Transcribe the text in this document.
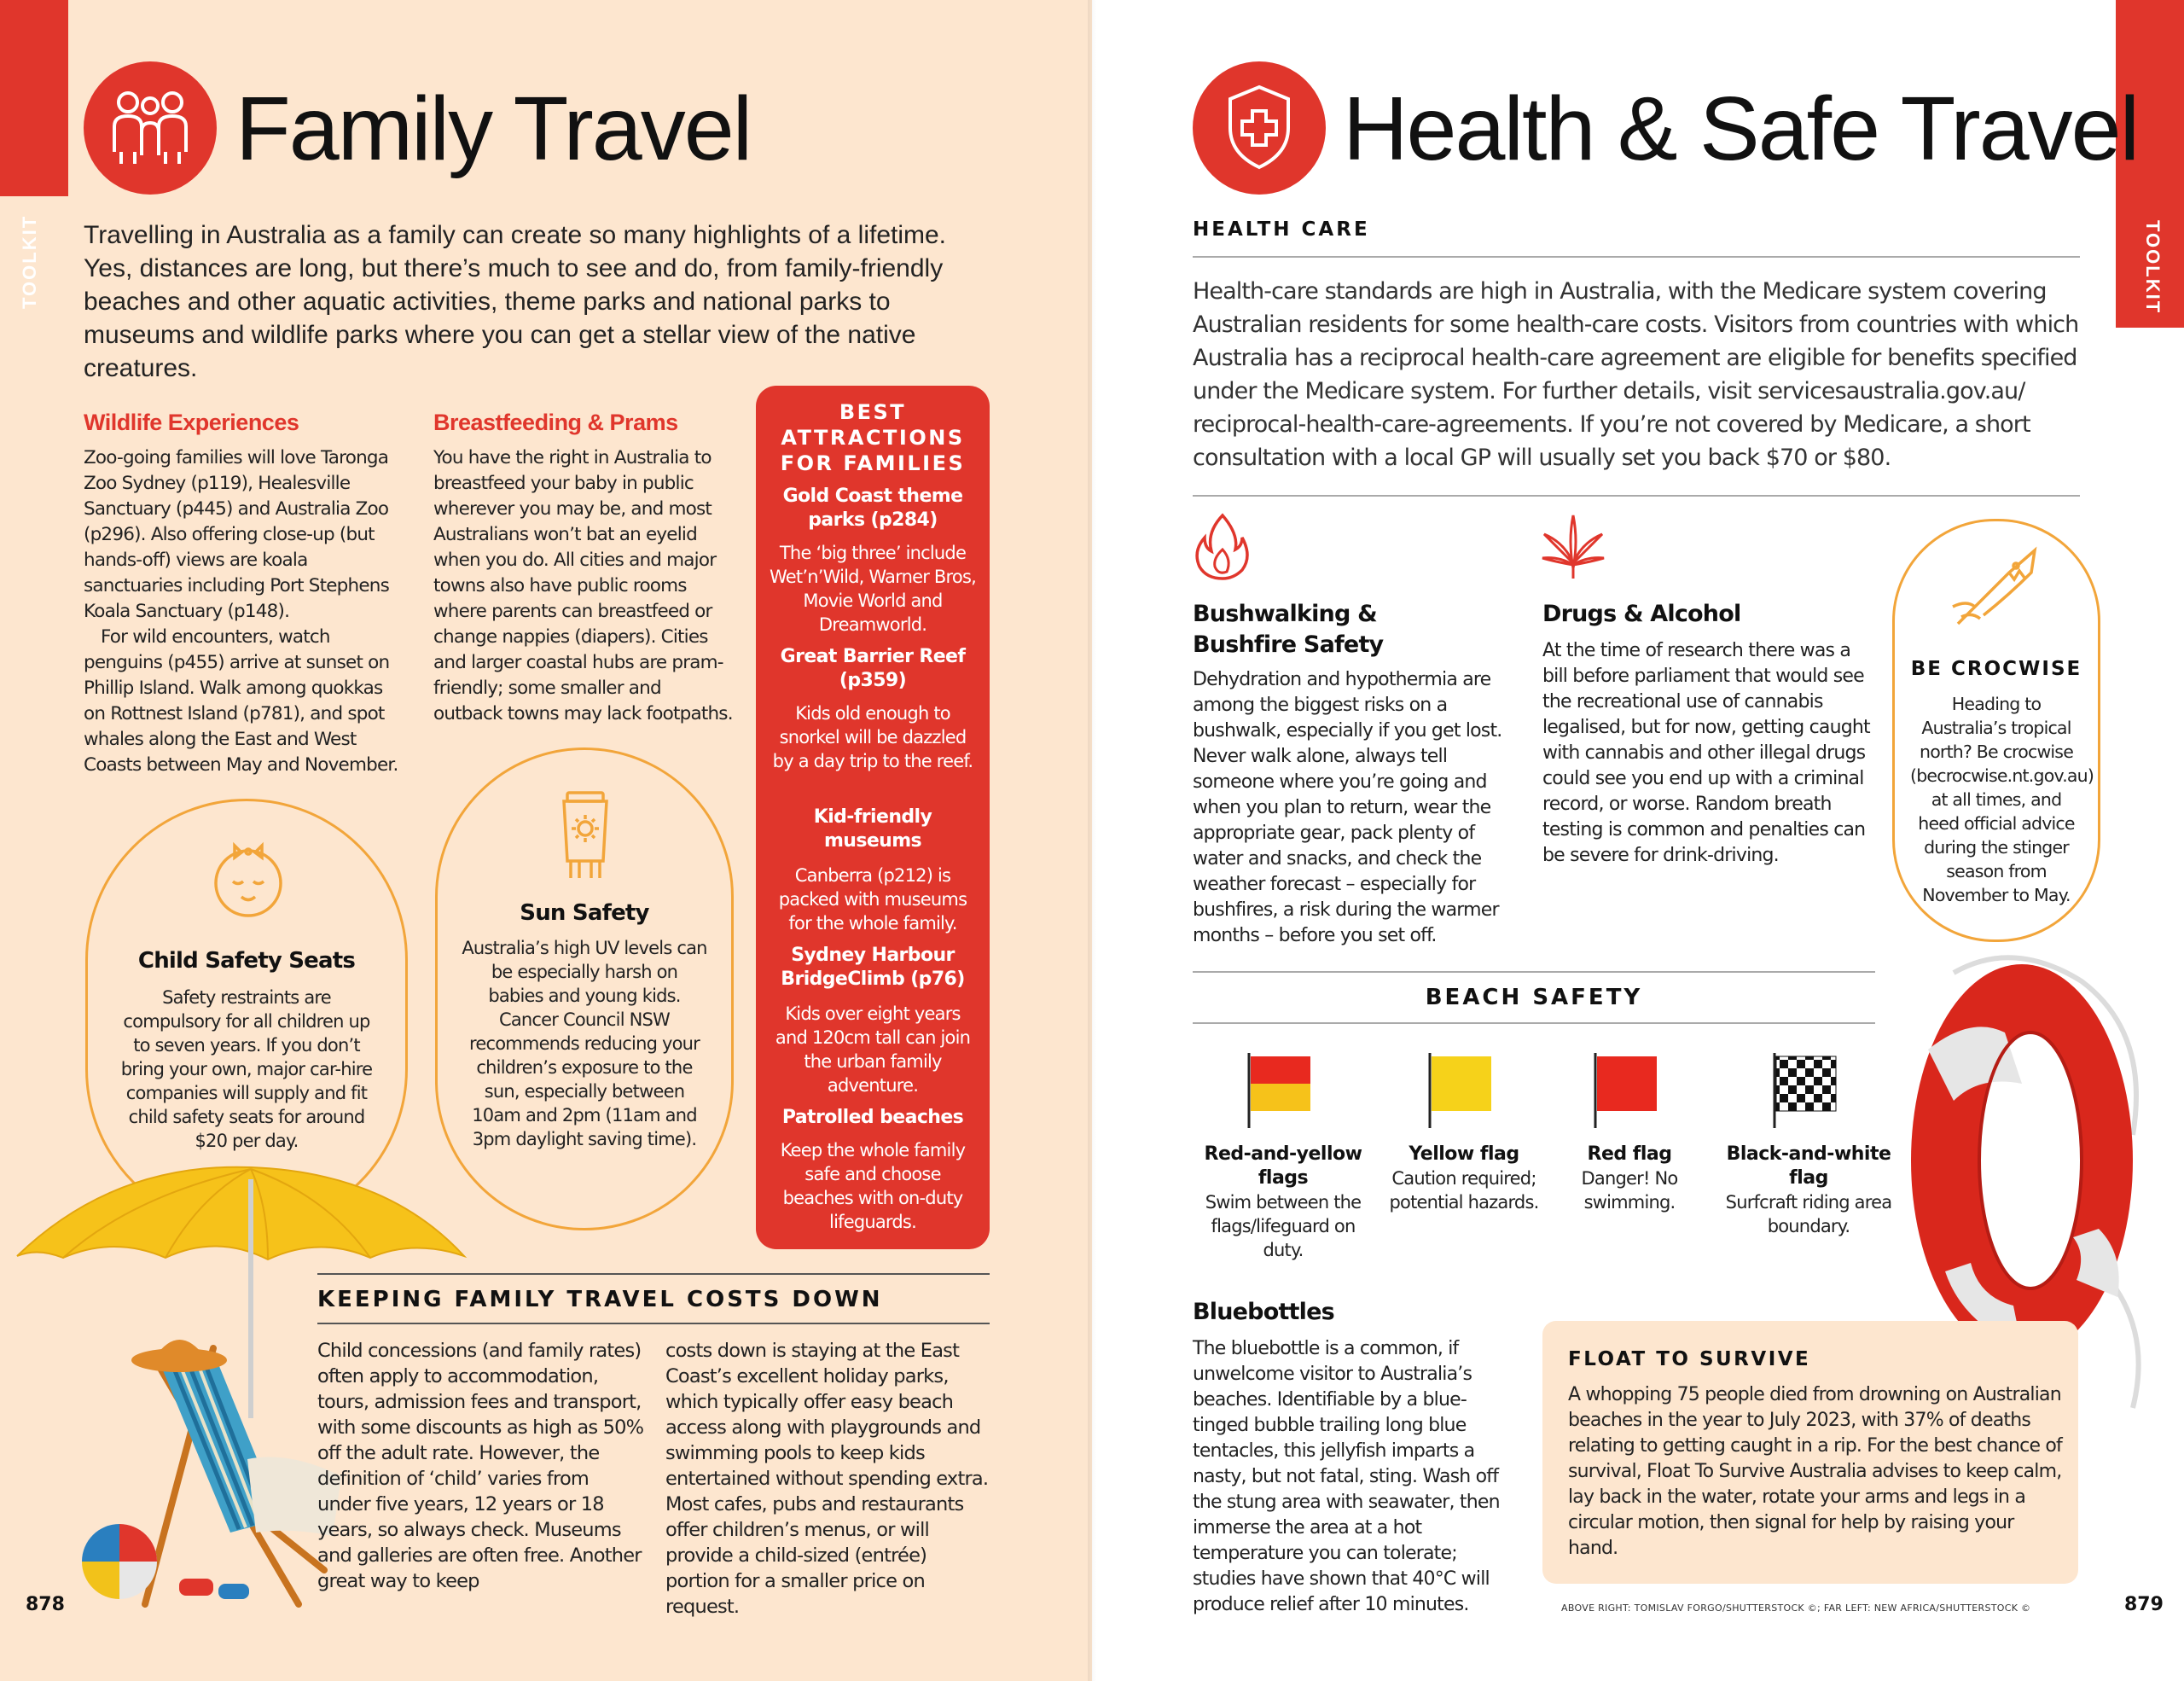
TOOLKIT
Family Travel
Travelling in Australia as a family can create so many highlights of a lifetime. Yes, distances are long, but there’s much to see and do, from family-friendly beaches and other aquatic activities, theme parks and national parks to museums and wildlife parks where you can get a stellar view of the native creatures.
Wildlife Experiences
Zoo-going families will love Taronga Zoo Sydney (p119), Healesville Sanctuary (p445) and Australia Zoo (p296). Also offering close-up (but hands-off) views are koala sanctuaries including Port Stephens Koala Sanctuary (p148).
For wild encounters, watch penguins (p455) arrive at sunset on Phillip Island. Walk among quokkas on Rottnest Island (p781), and spot whales along the East and West Coasts between May and November.
Breastfeeding & Prams
You have the right in Australia to breastfeed your baby in public wherever you may be, and most Australians won’t bat an eyelid when you do. All cities and major towns also have public rooms where parents can breastfeed or change nappies (diapers). Cities and larger coastal hubs are pram-friendly; some smaller and outback towns may lack footpaths.
Child Safety Seats
Safety restraints are compulsory for all children up to seven years. If you don’t bring your own, major car-hire companies will supply and fit child safety seats for around $20 per day.
Sun Safety
Australia’s high UV levels can be especially harsh on babies and young kids. Cancer Council NSW recommends reducing your children’s exposure to the sun, especially between 10am and 2pm (11am and 3pm daylight saving time).
BEST ATTRACTIONS FOR FAMILIES
Gold Coast theme parks (p284)
The ‘big three’ include Wet’n’Wild, Warner Bros, Movie World and Dreamworld.
Great Barrier Reef (p359)
Kids old enough to snorkel will be dazzled by a day trip to the reef.
Kid-friendly museums
Canberra (p212) is packed with museums for the whole family.
Sydney Harbour BridgeClimb (p76)
Kids over eight years and 120cm tall can join the urban family adventure.
Patrolled beaches
Keep the whole family safe and choose beaches with on-duty lifeguards.
KEEPING FAMILY TRAVEL COSTS DOWN
Child concessions (and family rates) often apply to accommodation, tours, admission fees and transport, with some discounts as high as 50% off the adult rate. However, the definition of ‘child’ varies from under five years, 12 years or 18 years, so always check. Museums and galleries are often free. Another great way to keep
costs down is staying at the East Coast’s excellent holiday parks, which typically offer easy beach access along with playgrounds and swimming pools to keep kids entertained without spending extra. Most cafes, pubs and restaurants offer children’s menus, or will provide a child-sized (entrée) portion for a smaller price on request.
878
TOOLKIT
Health & Safe Travel
HEALTH CARE
Health-care standards are high in Australia, with the Medicare system covering Australian residents for some health-care costs. Visitors from countries with which Australia has a reciprocal health-care agreement are eligible for benefits specified under the Medicare system. For further details, visit servicesaustralia.gov.au/ reciprocal-health-care-agreements. If you’re not covered by Medicare, a short consultation with a local GP will usually set you back $70 or $80.
Bushwalking & Bushfire Safety
Dehydration and hypothermia are among the biggest risks on a bushwalk, especially if you get lost. Never walk alone, always tell someone where you’re going and when you plan to return, wear the appropriate gear, pack plenty of water and snacks, and check the weather forecast – especially for bushfires, a risk during the warmer months – before you set off.
Drugs & Alcohol
At the time of research there was a bill before parliament that would see the recreational use of cannabis legalised, but for now, getting caught with cannabis and other illegal drugs could see you end up with a criminal record, or worse. Random breath testing is common and penalties can be severe for drink-driving.
BE CROCWISE
Heading to Australia’s tropical north? Be crocwise (becrocwise.nt.gov.au) at all times, and heed official advice during the stinger season from November to May.
BEACH SAFETY
Red-and-yellow flags
Swim between the flags/lifeguard on duty.
Yellow flag
Caution required; potential hazards.
Red flag
Danger! No swimming.
Black-and-white flag
Surfcraft riding area boundary.
Bluebottles
The bluebottle is a common, if unwelcome visitor to Australia’s beaches. Identifiable by a blue-tinged bubble trailing long blue tentacles, this jellyfish imparts a nasty, but not fatal, sting. Wash off the stung area with seawater, then immerse the area at a hot temperature you can tolerate; studies have shown that 40°C will produce relief after 10 minutes.
FLOAT TO SURVIVE
A whopping 75 people died from drowning on Australian beaches in the year to July 2023, with 37% of deaths relating to getting caught in a rip. For the best chance of survival, Float To Survive Australia advises to keep calm, lay back in the water, rotate your arms and legs in a circular motion, then signal for help by raising your hand.
ABOVE RIGHT: TOMISLAV FORGO/SHUTTERSTOCK ©; FAR LEFT: NEW AFRICA/SHUTTERSTOCK ©	879
